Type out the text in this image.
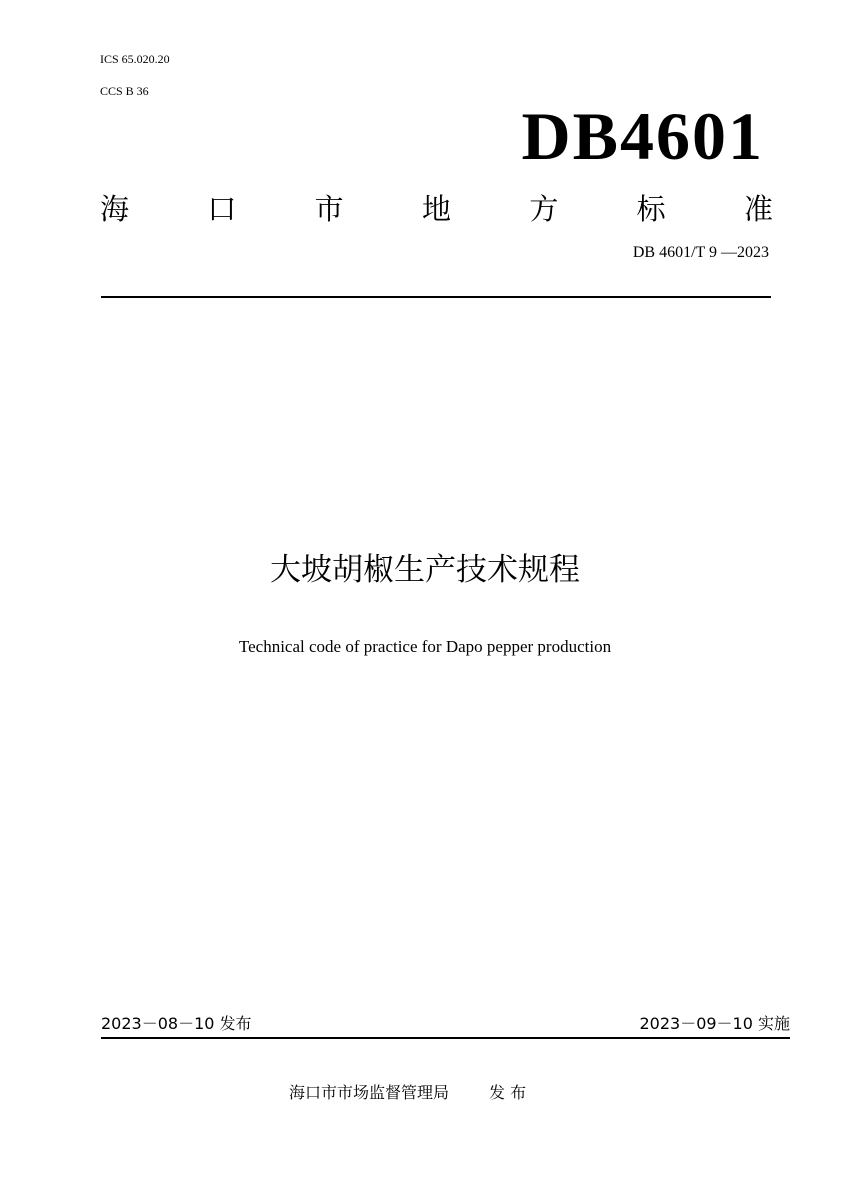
ICS 65.020.20
CCS B 36
DB4601
海	口	市	地	方	标	准
DB 4601/T 9 —2023
大坡胡椒生产技术规程
Technical code of practice for Dapo pepper production
2023－08－10 发布	2023－09－10 实施
海口市市场监督管理局	发 布
